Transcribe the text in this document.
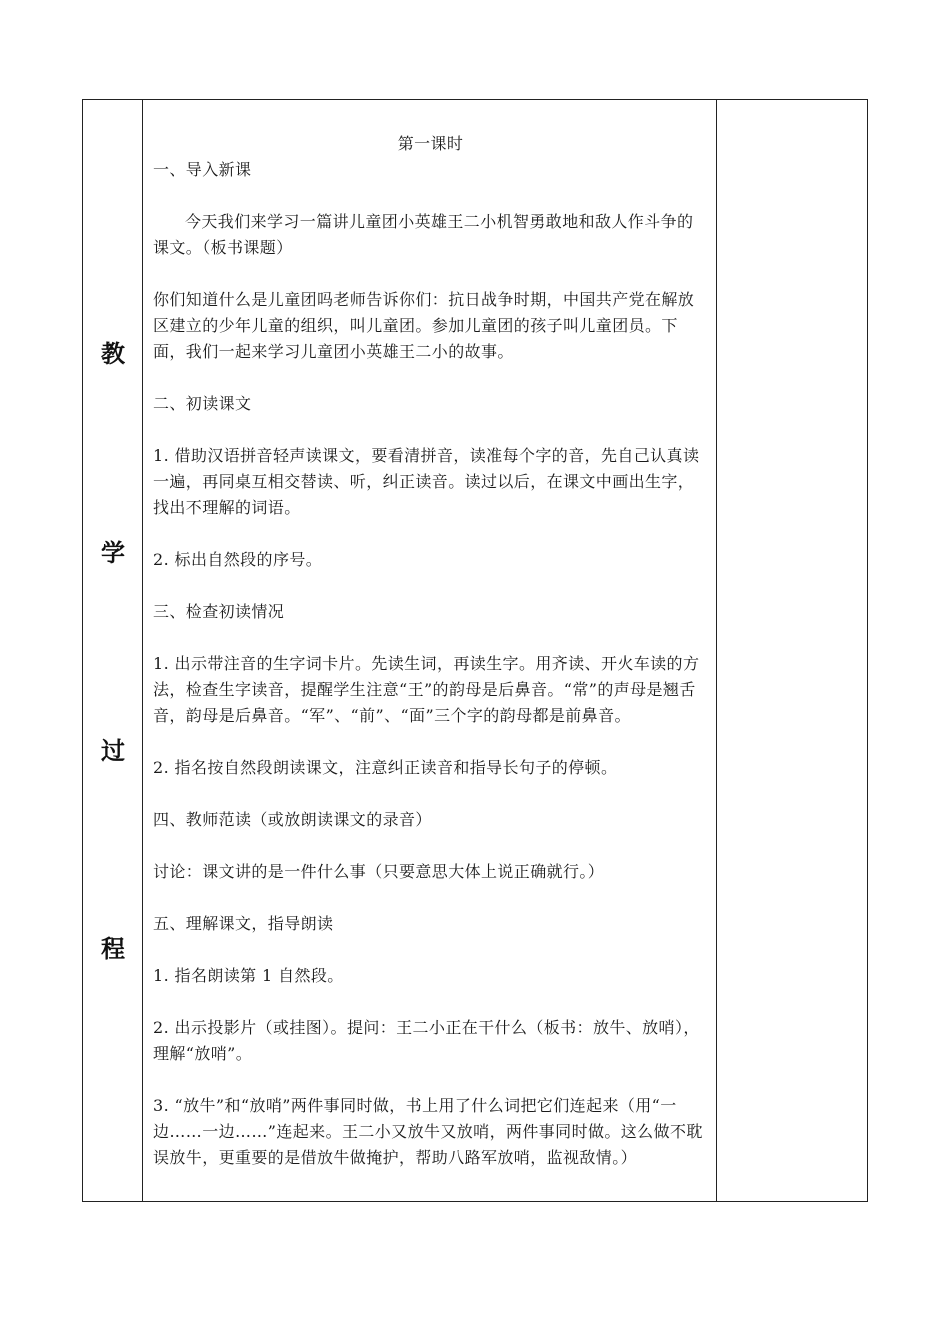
教
学
过
程

第一课时

一、导入新课

今天我们来学习一篇讲儿童团小英雄王二小机智勇敢地和敌人作斗争的课文。（板书课题）

你们知道什么是儿童团吗老师告诉你们：抗日战争时期，中国共产党在解放区建立的少年儿童的组织，叫儿童团。参加儿童团的孩子叫儿童团员。下面，我们一起来学习儿童团小英雄王二小的故事。

二、初读课文

1. 借助汉语拼音轻声读课文，要看清拼音，读准每个字的音，先自己认真读一遍，再同桌互相交替读、听，纠正读音。读过以后，在课文中画出生字，找出不理解的词语。

2. 标出自然段的序号。

三、检查初读情况

1. 出示带注音的生字词卡片。先读生词，再读生字。用齐读、开火车读的方法，检查生字读音，提醒学生注意“王”的韵母是后鼻音。“常”的声母是翘舌音，韵母是后鼻音。“军”、“前”、“面”三个字的韵母都是前鼻音。

2. 指名按自然段朗读课文，注意纠正读音和指导长句子的停顿。

四、教师范读（或放朗读课文的录音）

讨论：课文讲的是一件什么事（只要意思大体上说正确就行。）

五、理解课文，指导朗读

1. 指名朗读第 1 自然段。

2. 出示投影片（或挂图）。提问：王二小正在干什么（板书：放牛、放哨），理解“放哨”。

3. “放牛”和“放哨”两件事同时做，书上用了什么词把它们连起来（用“一边……一边……”连起来。王二小又放牛又放哨，两件事同时做。这么做不耽误放牛，更重要的是借放牛做掩护，帮助八路军放哨，监视敌情。）
